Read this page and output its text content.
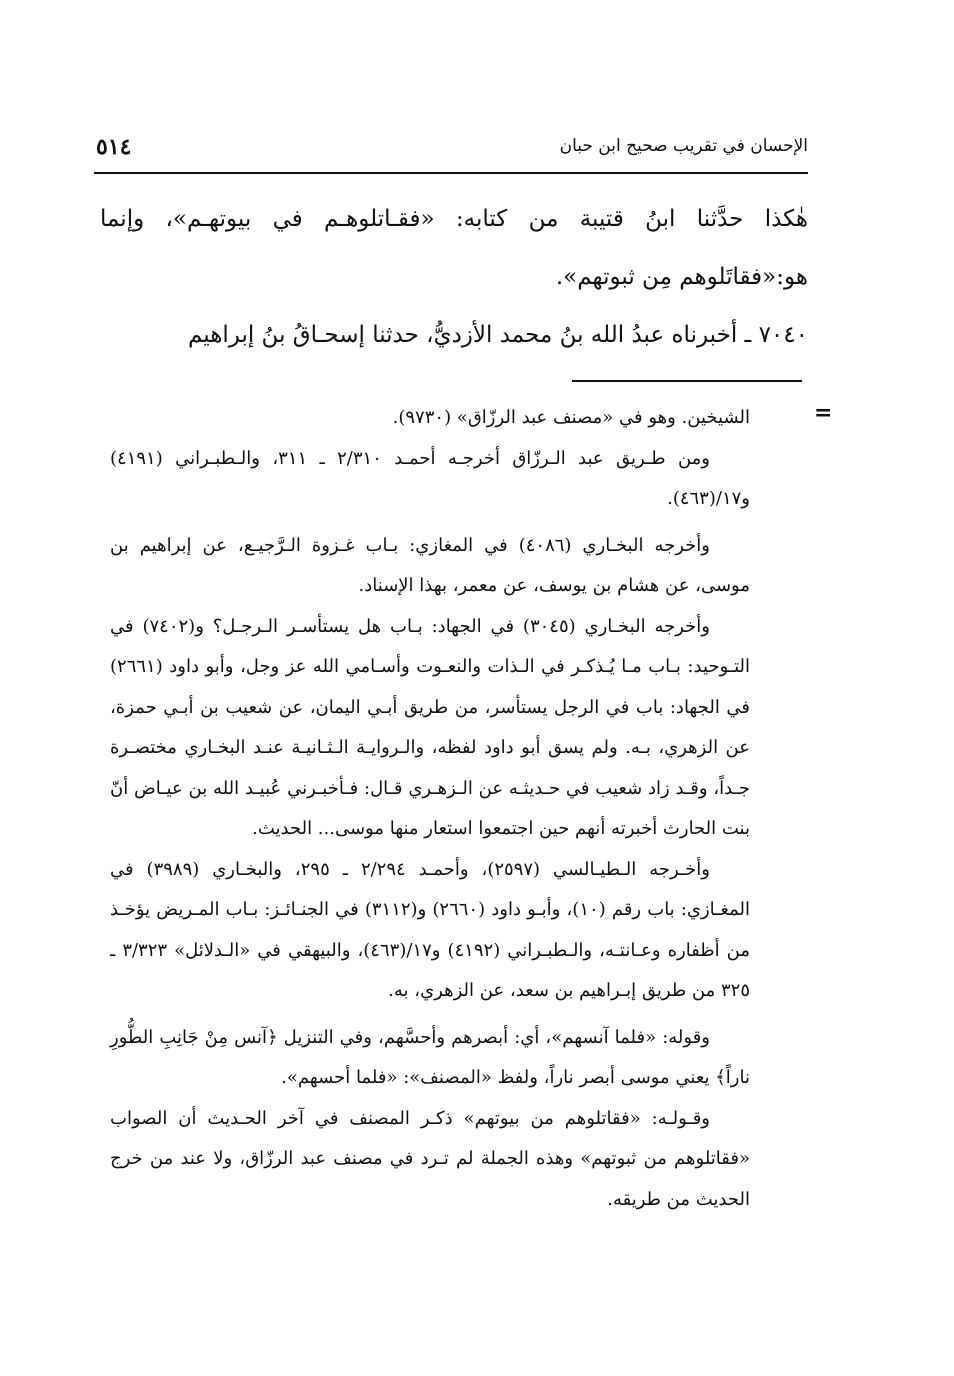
٥١٤	الإحسان في تقريب صحيح ابن حبان

هٰكذا حدَّثنا ابنُ قتيبة من كتابه: «فقـاتلوهـم في بيوتهـم»، وإنما هو:«فقاتَلوهم مِن ثبوتهم».

٧٠٤٠ ـ أخبرناه عبدُ الله بنُ محمد الأزديُّ، حدثنا إسحـاقُ بنُ إبراهيم

=

الشيخين. وهو في «مصنف عبد الرزّاق» (٩٧٣٠).

ومن طـريق عبد الـرزّاق أخرجـه أحمـد ٢/٣١٠ ـ ٣١١، والـطبـراني (٤١٩١) و١٧/(٤٦٣).

وأخرجه البخـاري (٤٠٨٦) في المغازي: بـاب غـزوة الـرَّجيـع، عن إبراهيم بن موسى، عن هشام بن يوسف، عن معمر، بهذا الإسناد.

وأخرجه البخـاري (٣٠٤٥) في الجهاد: بـاب هل يستأسـر الـرجـل؟ و(٧٤٠٢) في التـوحيد: بـاب مـا يُـذكـر في الـذات والنعـوت وأسـامي الله عز وجل، وأبو داود (٢٦٦١) في الجهاد: باب في الرجل يستأسر، من طريق أبـي اليمان، عن شعيب بن أبـي حمزة، عن الزهري، بـه. ولم يسق أبو داود لفظه، والـروايـة الـثـانيـة عنـد البخـاري مختصـرة جـداً، وقـد زاد شعيب في حـديثـه عن الـزهـري قـال: فـأخبـرني عُبيـد الله بن عيـاض أنّ بنت الحارث أخبرته أنهم حين اجتمعوا استعار منها موسى... الحديث.

وأخـرجه الـطيـالسي (٢٥٩٧)، وأحمـد ٢/٢٩٤ ـ ٢٩٥، والبخـاري (٣٩٨٩) في المغـازي: باب رقم (١٠)، وأبـو داود (٢٦٦٠) و(٣١١٢) في الجنـائـز: بـاب المـريض يؤخـذ من أظفاره وعـانتـه، والـطبـراني (٤١٩٢) و١٧/(٤٦٣)، والبيهقي في «الـدلائل» ٣/٣٢٣ ـ ٣٢٥ من طريق إبـراهيم بن سعد، عن الزهري، به.

وقوله: «فلما آنسهم»، أي: أبصرهم وأحسَّهم، وفي التنزيل ﴿آنس مِنْ جَانِبِ الطُّورِ ناراً﴾ يعني موسى أبصر ناراً، ولفظ «المصنف»: «فلما أحسهم».

وقـولـه: «فقاتلوهم من بيوتهم» ذكـر المصنف في آخر الحـديث أن الصواب «فقاتلوهم من ثبوتهم» وهذه الجملة لم تـرد في مصنف عبد الرزّاق، ولا عند من خرج الحديث من طريقه.
